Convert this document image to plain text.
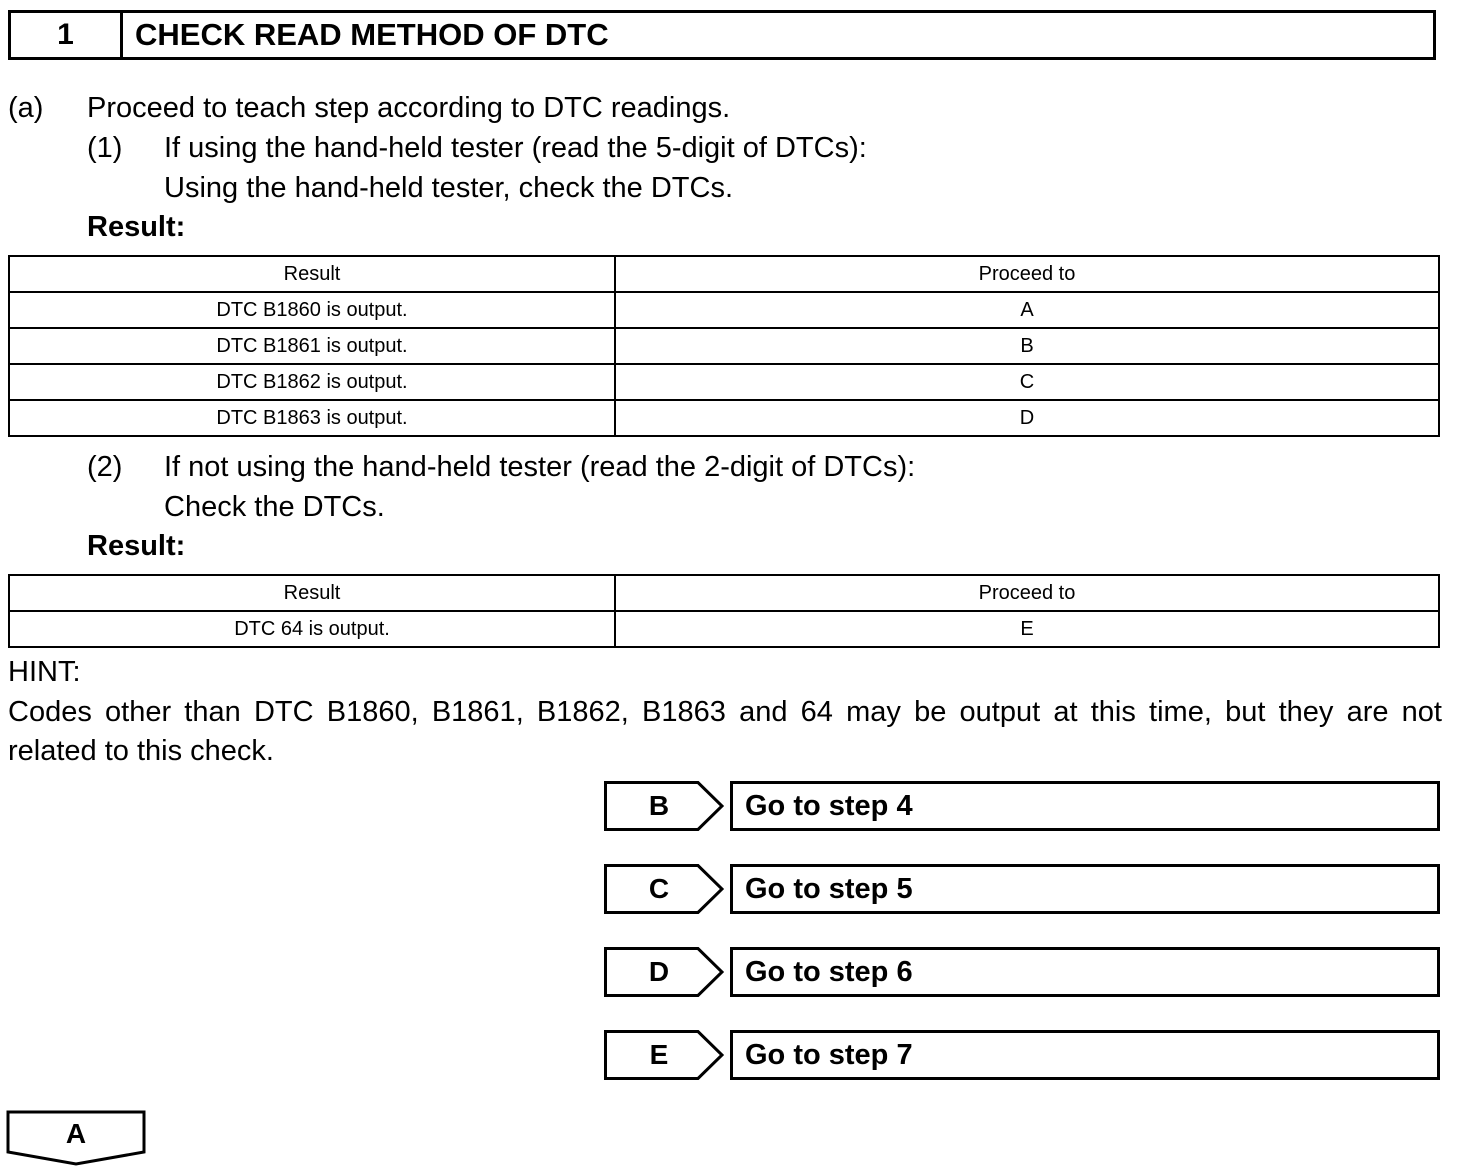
1	CHECK READ METHOD OF DTC
(a) Proceed to teach step according to DTC readings.
(1) If using the hand-held tester (read the 5-digit of DTCs):
Using the hand-held tester, check the DTCs.
Result:
Result	Proceed to
DTC B1860 is output.	A
DTC B1861 is output.	B
DTC B1862 is output.	C
DTC B1863 is output.	D
(2) If not using the hand-held tester (read the 2-digit of DTCs):
Check the DTCs.
Result:
Result	Proceed to
DTC 64 is output.	E
HINT:
Codes other than DTC B1860, B1861, B1862, B1863 and 64 may be output at this time, but they are not
related to this check.
B	Go to step 4
C	Go to step 5
D	Go to step 6
E	Go to step 7
A
